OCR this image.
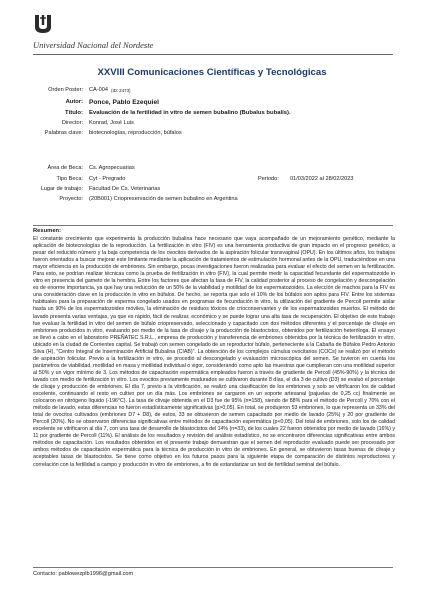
Universidad Nacional del Nordeste
XXVIII Comunicaciones Científicas y Tecnológicas
Orden Poster: CA-004 (ID: 2473)
Autor: Ponce, Pablo Ezequiel
Título: Evaluación de la fertilidad in vitro de semen bubalino (Bubalus bubalis).
Director: Konrad, José Luis
Palabras clave: biotecnologías, reproducción, búfalos
Área de Beca: Cs. Agropecuarias
Tipo Beca: Cyt - Pregrado	Periodo: 01/03/2022 al 28/02/2023
Lugar de trabajo: Facultad De Cs. Veterinarias
Proyecto: (20B001) Criopreservación de semen bubalino en Argentina
Resumen:
El constante crecimiento que experimenta la producción bubalina hace necesario que vaya acompañado de un mejoramiento genético, mediante la aplicación de biotecnologías de la reproducción. La fertilización in vitro (FIV) es una herramienta productiva de gran impacto en el progreso genético, a pesar del reducido número y la baja competencia de los ovocitos derivados de la aspiración folicular transvaginal (OPU). En los últimos años, los trabajos fueron orientados a buscar mejorar este limitante mediante la aplicación de tratamientos de estimulación hormonal antes de la OPU, traduciéndose en una mayor eficiencia en la producción de embriones. Sin embargo, pocas investigaciones fueron realizadas para evaluar el efecto del semen en la fertilización. Para esto, se podrían realizar técnicas como la prueba de fertilización in vitro (FIV), la cual permite medir la capacidad fecundante del espermatozoide in vitro en presencia del gameto de la hembra. Entre los factores que afectan la tasa de FIV, la calidad posterior al proceso de congelación y descongelación es de enorme importancia, ya que hay una reducción de un 50% de la viabilidad y motilidad de los espermatozoides. La elección de machos para la FIV es una consideración clave en la producción in vitro en búfalos. De hecho, se reporta que solo el 10% de los búfalos son aptos para FIV. Entre los sistemas habituales para la preparación de esperma congelado usados en programas de fecundación in vitro, la utilización del gradiente de Percoll permite aislar hasta un 90% de los espermatozoides móviles, la eliminación de residuos tóxicos de crioconservantes y de los espermatozoides muertos. El método de lavado presenta varias ventajas, ya que es rápido, fácil de realizar, económico y se puede lograr una alta tasa de recuperación. El objetivo de este trabajo fue evaluar la fertilidad in vitro del semen de búfalo criopreservado, seleccionado y capacitado con dos métodos diferentes y el porcentaje de clivaje en embriones producidos in vitro, evaluando por medio de la tasa de clivaje y la producción de blastocistos, obtenidos por fertilización heteróloga. El ensayo se llevó a cabo en el laboratorio PREÑATEC S.R.L., empresa de producción y transferencia de embriones obtenidos por la técnica de fertilización in vitro, ubicado en la ciudad de Corrientes capital. Se trabajó con semen congelado de un reproductor búfalo, perteneciente a la Cabaña de Búfalos Pedro Antonio Silva (H), "Centro Integral de Inseminación Artificial Bubalina (CIAB)". La obtención de los complejos cúmulus ovocitarios (COCs) se realizó por el método de aspiración folicular. Previo a la fertilización in vitro, se procedió al descongelado y evaluación microscópica del semen. Se tuvieron en cuenta los parámetros de viabilidad, motilidad en masa y motilidad individual o vigor, considerando como apto las muestras que cumplieran con una motilidad superior al 50% y un vigor mínimo de 3. Los métodos de capacitación espermática empleados fueron a través de gradiente de Percoll (45%-90%) y la técnica de lavado con medio de fertilización in vitro. Los ovocitos previamente madurados se cultivaron durante 8 días, el día 3 de cultivo (D3) se evaluó el porcentaje de clivaje y producción de embriones. El día 7, previo a la vitrificación, se realizó una clasificación de los embriones y solo se vitrificaron los de calidad excelente, continuando el resto en cultivo por un día más. Los embriones se cargaron en un soporte artesanal (pajuelas de 0,25 cc) finalmente se colocaron en nitrógeno líquido (-196°C). La tasa de clivaje obtenida en el D3 fue de 95% (n=158), siendo de 88% para el método de Percoll y 70% con el método de lavado, estas diferencias no fueron estadísticamente significativas (p>0,05). En total, se produjeron 53 embriones, lo que representa un 33% del total de ovocitos cultivados (embriones D7 + D8), de estos, 33 se obtuvieron de semen capacitado por medio de lavado (25%) y 20 por gradiente de Percoll (20%). No se observaron diferencias significativas entre métodos de capacitación espermática (p<0,05). Del total de embriones, solo los de calidad excelente se vitrificaron al día 7, con una tasa de desarrollo de blastocistos del 14% (n=33), de los cuales 22 fueron obtenidos por medio de lavado (16%) y 11 por gradiente de Percoll (11%). El análisis de los resultados y revisión del análisis estadístico, no se encontraron diferencias significativas entre ambos métodos de capacitación. Los resultados obtenidos en el presente trabajo demuestran que el semen del reproductor evaluado puede ser procesado por ambos métodos de capacitación espermática para la técnica de producción in vitro de embriones. En general, se obtuvieron tasas buenas de clivaje y aceptables tasas de blastocistos. Se tiene como objetivo en los futuros pasos para la siguiente etapa de comparación de distintos reproductores y correlación con la fertilidad a campo y producción in vitro de embriones, a fin de estandarizar un test de fertilidad seminal del búfalo.
Contacto: pablowezplb1996@gmail.com
